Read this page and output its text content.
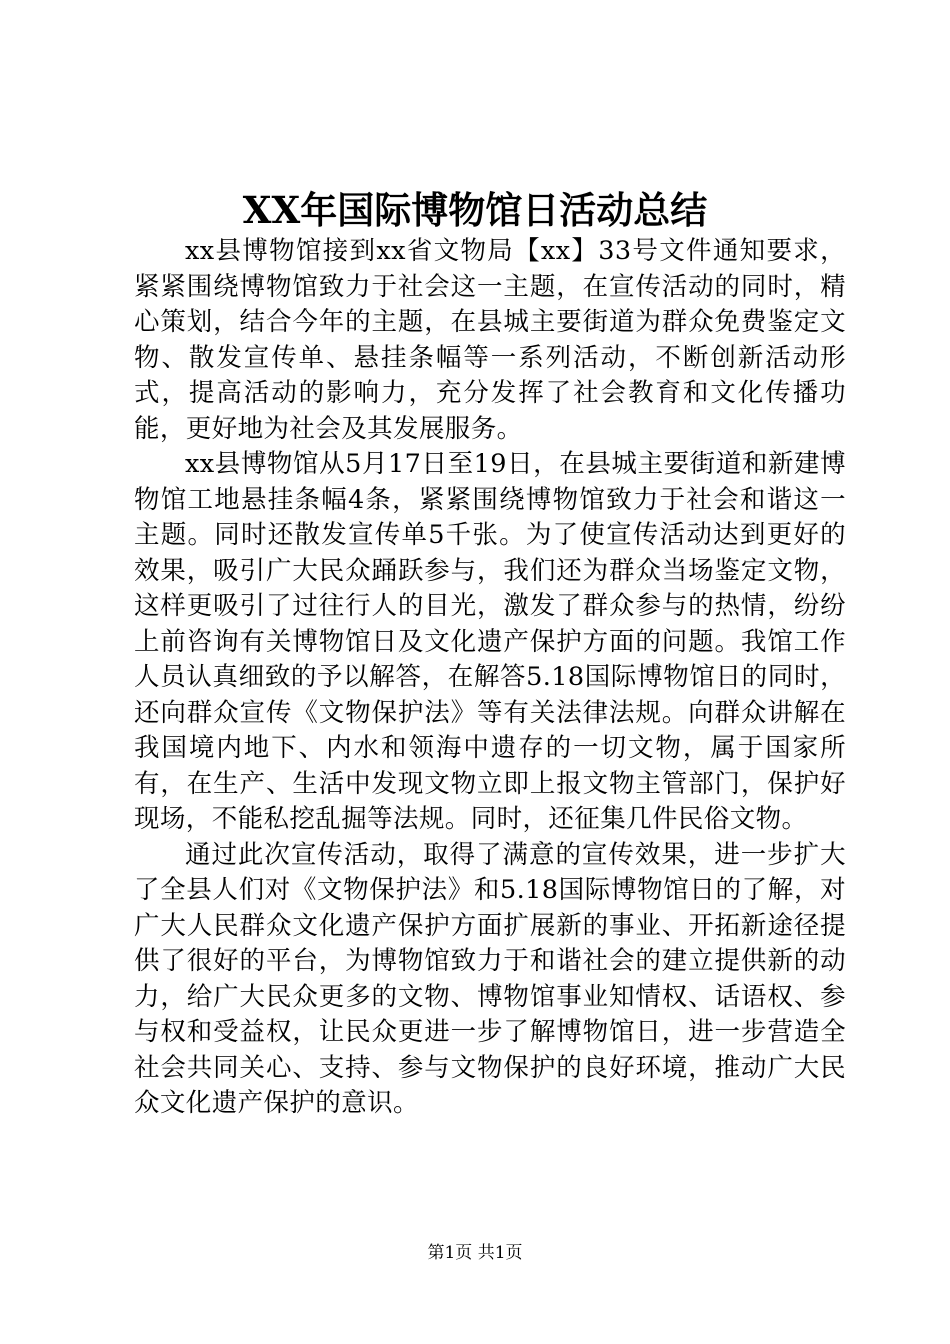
XX年国际博物馆日活动总结

xx县博物馆接到xx省文物局【xx】33号文件通知要求，紧紧围绕博物馆致力于社会这一主题，在宣传活动的同时，精心策划，结合今年的主题，在县城主要街道为群众免费鉴定文物、散发宣传单、悬挂条幅等一系列活动，不断创新活动形式，提高活动的影响力，充分发挥了社会教育和文化传播功能，更好地为社会及其发展服务。

xx县博物馆从5月17日至19日，在县城主要街道和新建博物馆工地悬挂条幅4条，紧紧围绕博物馆致力于社会和谐这一主题。同时还散发宣传单5千张。为了使宣传活动达到更好的效果，吸引广大民众踊跃参与，我们还为群众当场鉴定文物，这样更吸引了过往行人的目光，激发了群众参与的热情，纷纷上前咨询有关博物馆日及文化遗产保护方面的问题。我馆工作人员认真细致的予以解答，在解答5.18国际博物馆日的同时，还向群众宣传《文物保护法》等有关法律法规。向群众讲解在我国境内地下、内水和领海中遗存的一切文物，属于国家所有，在生产、生活中发现文物立即上报文物主管部门，保护好现场，不能私挖乱掘等法规。同时，还征集几件民俗文物。

通过此次宣传活动，取得了满意的宣传效果，进一步扩大了全县人们对《文物保护法》和5.18国际博物馆日的了解，对广大人民群众文化遗产保护方面扩展新的事业、开拓新途径提供了很好的平台，为博物馆致力于和谐社会的建立提供新的动力，给广大民众更多的文物、博物馆事业知情权、话语权、参与权和受益权，让民众更进一步了解博物馆日，进一步营造全社会共同关心、支持、参与文物保护的良好环境，推动广大民众文化遗产保护的意识。

第1页 共1页
